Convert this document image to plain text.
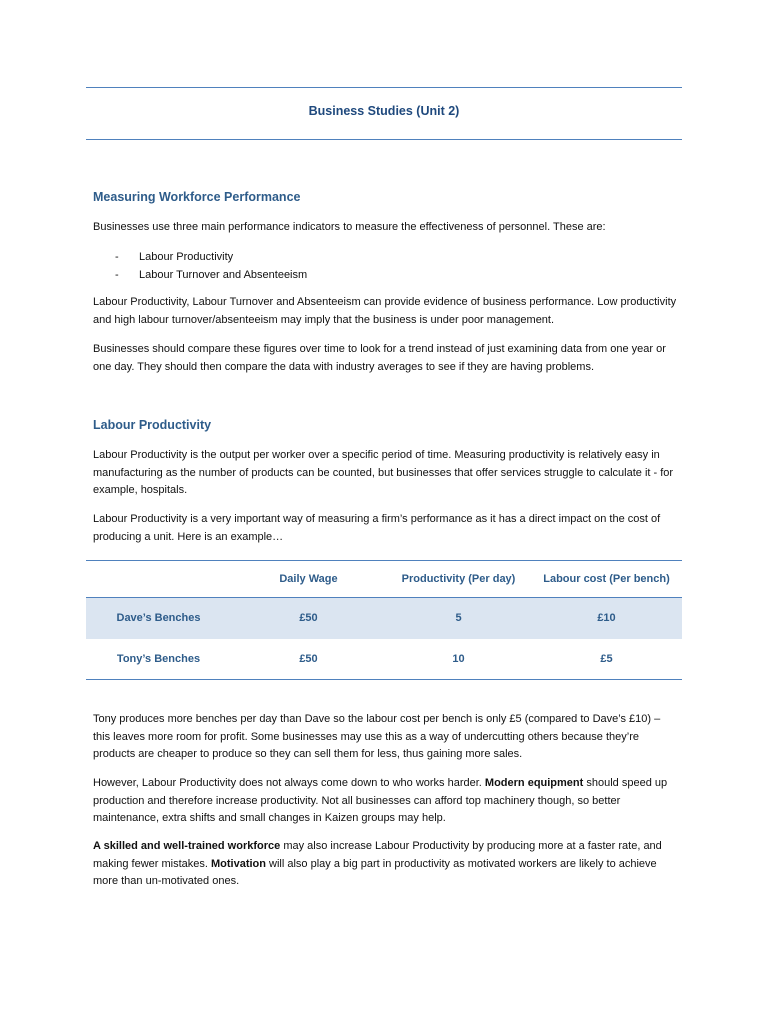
Business Studies (Unit 2)
Measuring Workforce Performance

Businesses use three main performance indicators to measure the effectiveness of personnel. These are:

- Labour Productivity
- Labour Turnover and Absenteeism

Labour Productivity, Labour Turnover and Absenteeism can provide evidence of business performance. Low productivity and high labour turnover/absenteeism may imply that the business is under poor management.

Businesses should compare these figures over time to look for a trend instead of just examining data from one year or one day. They should then compare the data with industry averages to see if they are having problems.

Labour Productivity

Labour Productivity is the output per worker over a specific period of time. Measuring productivity is relatively easy in manufacturing as the number of products can be counted, but businesses that offer services struggle to calculate it - for example, hospitals.

Labour Productivity is a very important way of measuring a firm’s performance as it has a direct impact on the cost of producing a unit. Here is an example…

	Daily Wage	Productivity (Per day)	Labour cost (Per bench)
Dave’s Benches	£50	5	£10
Tony’s Benches	£50	10	£5

Tony produces more benches per day than Dave so the labour cost per bench is only £5 (compared to Dave’s £10) – this leaves more room for profit. Some businesses may use this as a way of undercutting others because they’re products are cheaper to produce so they can sell them for less, thus gaining more sales.

However, Labour Productivity does not always come down to who works harder. Modern equipment should speed up production and therefore increase productivity. Not all businesses can afford top machinery though, so better maintenance, extra shifts and small changes in Kaizen groups may help.

A skilled and well-trained workforce may also increase Labour Productivity by producing more at a faster rate, and making fewer mistakes. Motivation will also play a big part in productivity as motivated workers are likely to achieve more than un-motivated ones.
